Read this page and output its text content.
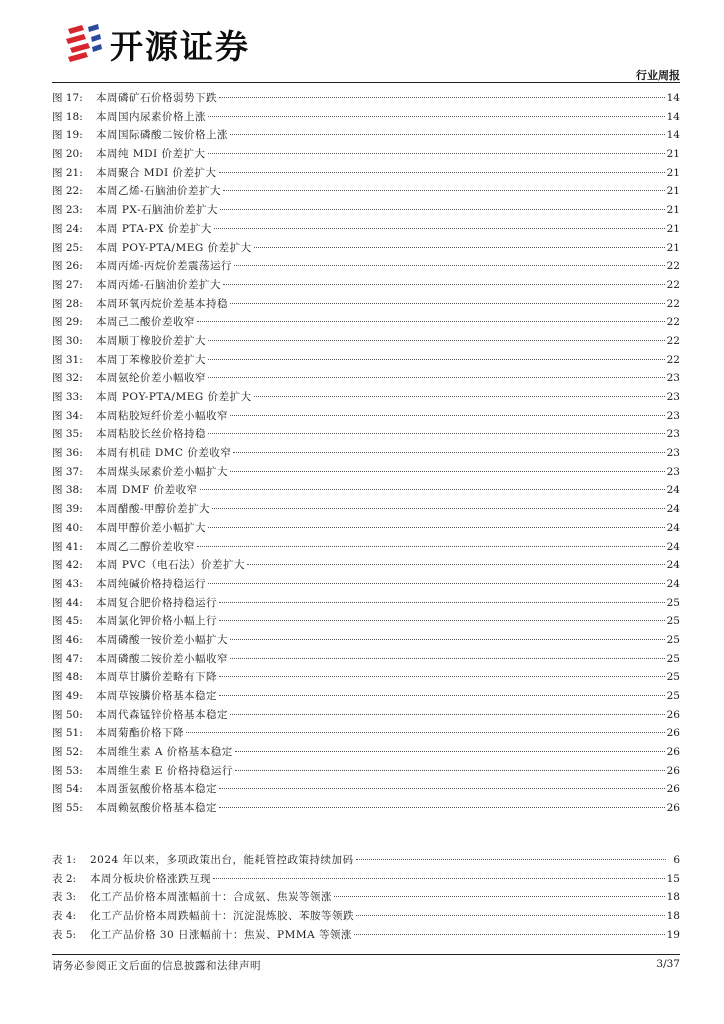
开源证券
行业周报
图 17:	本周磷矿石价格弱势下跌	14
图 18:	本周国内尿素价格上涨	14
图 19:	本周国际磷酸二铵价格上涨	14
图 20:	本周纯 MDI 价差扩大	21
图 21:	本周聚合 MDI 价差扩大	21
图 22:	本周乙烯-石脑油价差扩大	21
图 23:	本周 PX-石脑油价差扩大	21
图 24:	本周 PTA-PX 价差扩大	21
图 25:	本周 POY-PTA/MEG 价差扩大	21
图 26:	本周丙烯-丙烷价差震荡运行	22
图 27:	本周丙烯-石脑油价差扩大	22
图 28:	本周环氧丙烷价差基本持稳	22
图 29:	本周己二酸价差收窄	22
图 30:	本周顺丁橡胶价差扩大	22
图 31:	本周丁苯橡胶价差扩大	22
图 32:	本周氨纶价差小幅收窄	23
图 33:	本周 POY-PTA/MEG 价差扩大	23
图 34:	本周粘胶短纤价差小幅收窄	23
图 35:	本周粘胶长丝价格持稳	23
图 36:	本周有机硅 DMC 价差收窄	23
图 37:	本周煤头尿素价差小幅扩大	23
图 38:	本周 DMF 价差收窄	24
图 39:	本周醋酸-甲醇价差扩大	24
图 40:	本周甲醇价差小幅扩大	24
图 41:	本周乙二醇价差收窄	24
图 42:	本周 PVC（电石法）价差扩大	24
图 43:	本周纯碱价格持稳运行	24
图 44:	本周复合肥价格持稳运行	25
图 45:	本周氯化钾价格小幅上行	25
图 46:	本周磷酸一铵价差小幅扩大	25
图 47:	本周磷酸二铵价差小幅收窄	25
图 48:	本周草甘膦价差略有下降	25
图 49:	本周草铵膦价格基本稳定	25
图 50:	本周代森锰锌价格基本稳定	26
图 51:	本周菊酯价格下降	26
图 52:	本周维生素 A 价格基本稳定	26
图 53:	本周维生素 E 价格持稳运行	26
图 54:	本周蛋氨酸价格基本稳定	26
图 55:	本周赖氨酸价格基本稳定	26
表 1:	2024 年以来，多项政策出台，能耗管控政策持续加码	6
表 2:	本周分板块价格涨跌互现	15
表 3:	化工产品价格本周涨幅前十：合成氨、焦炭等领涨	18
表 4:	化工产品价格本周跌幅前十：沉淀混炼胶、苯胺等领跌	18
表 5:	化工产品价格 30 日涨幅前十：焦炭、PMMA 等领涨	19
请务必参阅正文后面的信息披露和法律声明	3/37
